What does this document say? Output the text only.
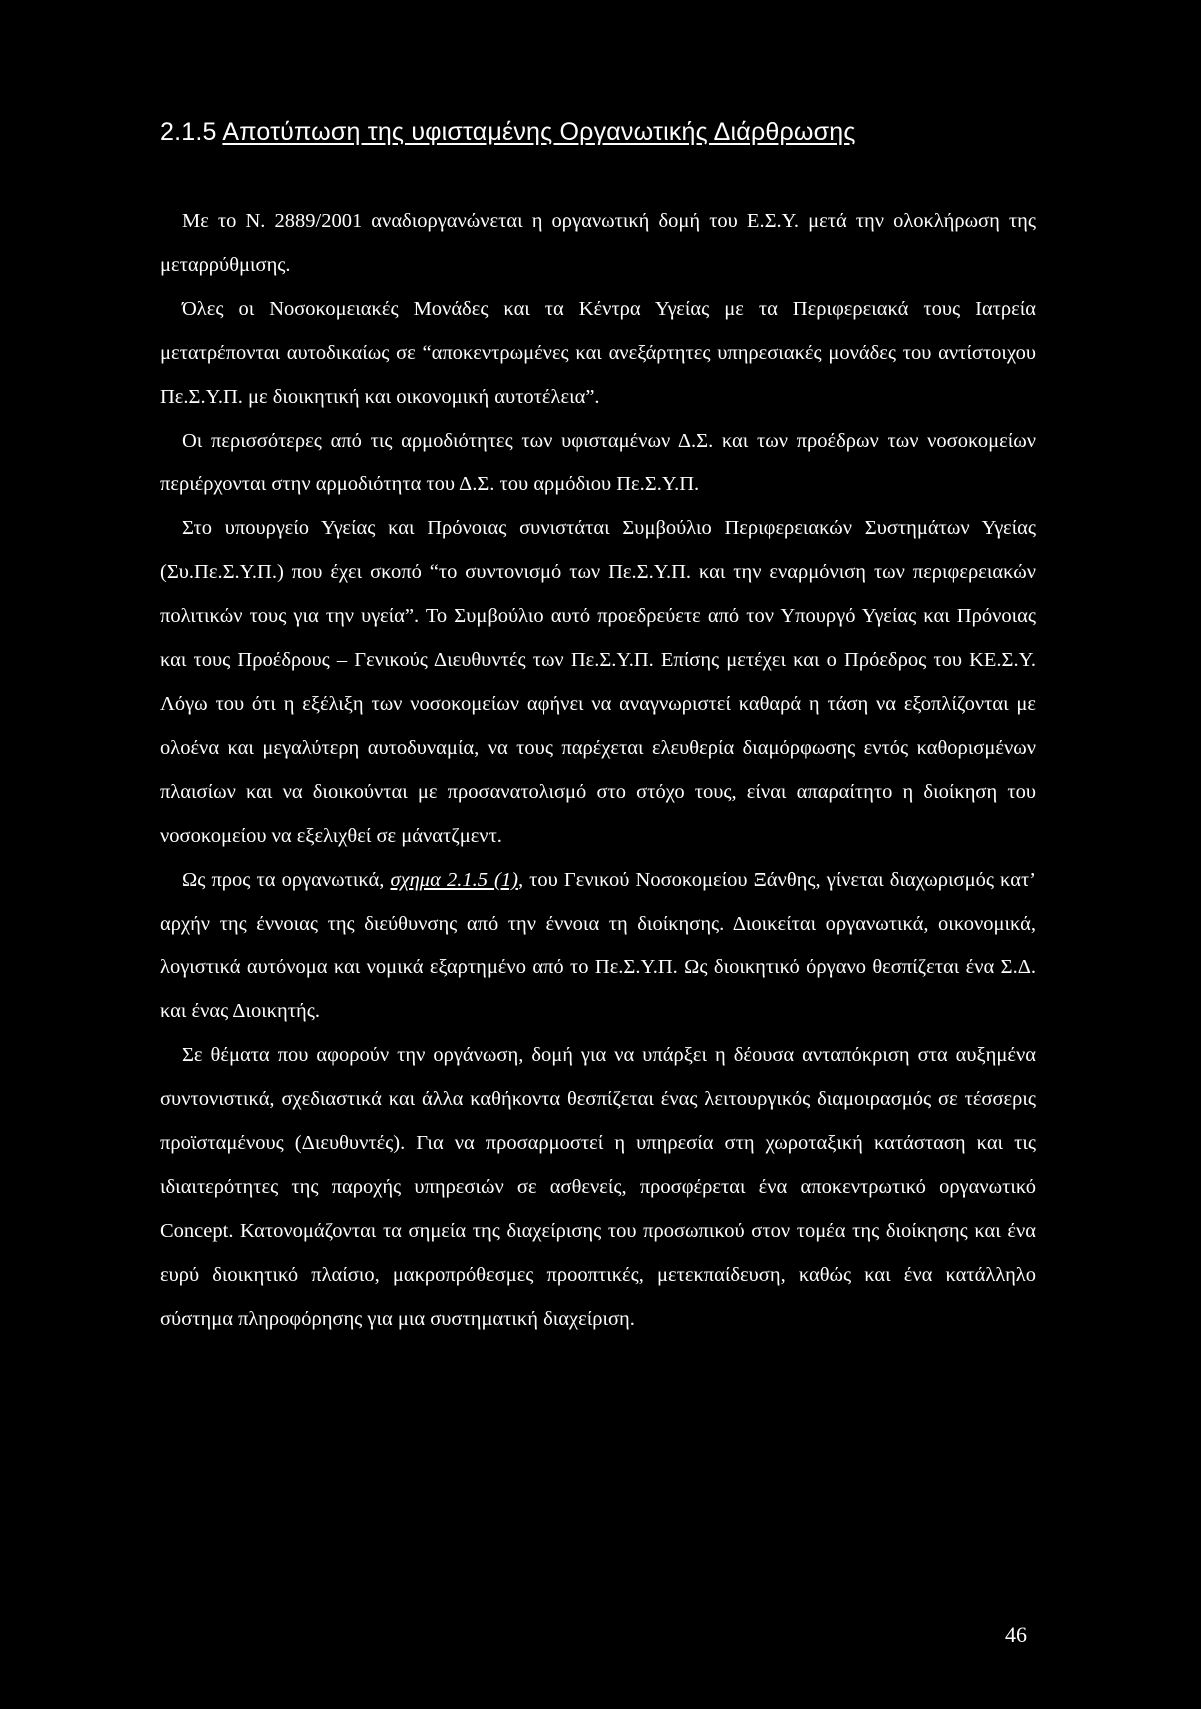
2.1.5 Αποτύπωση της υφισταμένης Οργανωτικής Διάρθρωσης

Με το Ν. 2889/2001 αναδιοργανώνεται η οργανωτική δομή του Ε.Σ.Υ. μετά την ολοκλήρωση της μεταρρύθμισης.

Όλες οι Νοσοκομειακές Μονάδες και τα Κέντρα Υγείας με τα Περιφερειακά τους Ιατρεία μετατρέπονται αυτοδικαίως σε “αποκεντρωμένες και ανεξάρτητες υπηρεσιακές μονάδες του αντίστοιχου Πε.Σ.Υ.Π. με διοικητική και οικονομική αυτοτέλεια”.

Οι περισσότερες από τις αρμοδιότητες των υφισταμένων Δ.Σ. και των προέδρων των νοσοκομείων περιέρχονται στην αρμοδιότητα του Δ.Σ. του αρμόδιου Πε.Σ.Υ.Π.

Στο υπουργείο Υγείας και Πρόνοιας συνιστάται Συμβούλιο Περιφερειακών Συστημάτων Υγείας (Συ.Πε.Σ.Υ.Π.) που έχει σκοπό “το συντονισμό των Πε.Σ.Υ.Π. και την εναρμόνιση των περιφερειακών πολιτικών τους για την υγεία”. Το Συμβούλιο αυτό προεδρεύετε από τον Υπουργό Υγείας και Πρόνοιας και τους Προέδρους – Γενικούς Διευθυντές των Πε.Σ.Υ.Π. Επίσης μετέχει και ο Πρόεδρος του ΚΕ.Σ.Υ. Λόγω του ότι η εξέλιξη των νοσοκομείων αφήνει να αναγνωριστεί καθαρά η τάση να εξοπλίζονται με ολοένα και μεγαλύτερη αυτοδυναμία, να τους παρέχεται ελευθερία διαμόρφωσης εντός καθορισμένων πλαισίων και να διοικούνται με προσανατολισμό στο στόχο τους, είναι απαραίτητο η διοίκηση του νοσοκομείου να εξελιχθεί σε μάνατζμεντ.

Ως προς τα οργανωτικά, σχημα 2.1.5 (1), του Γενικού Νοσοκομείου Ξάνθης, γίνεται διαχωρισμός κατ’ αρχήν της έννοιας της διεύθυνσης από την έννοια τη διοίκησης. Διοικείται οργανωτικά, οικονομικά, λογιστικά αυτόνομα και νομικά εξαρτημένο από το Πε.Σ.Υ.Π. Ως διοικητικό όργανο θεσπίζεται ένα Σ.Δ. και ένας Διοικητής.

Σε θέματα που αφορούν την οργάνωση, δομή για να υπάρξει η δέουσα ανταπόκριση στα αυξημένα συντονιστικά, σχεδιαστικά και άλλα καθήκοντα θεσπίζεται ένας λειτουργικός διαμοιρασμός σε τέσσερις προϊσταμένους (Διευθυντές). Για να προσαρμοστεί η υπηρεσία στη χωροταξική κατάσταση και τις ιδιαιτερότητες της παροχής υπηρεσιών σε ασθενείς, προσφέρεται ένα αποκεντρωτικό οργανωτικό Concept. Κατονομάζονται τα σημεία της διαχείρισης του προσωπικού στον τομέα της διοίκησης και ένα ευρύ διοικητικό πλαίσιο, μακροπρόθεσμες προοπτικές, μετεκπαίδευση, καθώς και ένα κατάλληλο σύστημα πληροφόρησης για μια συστηματική διαχείριση.

46
